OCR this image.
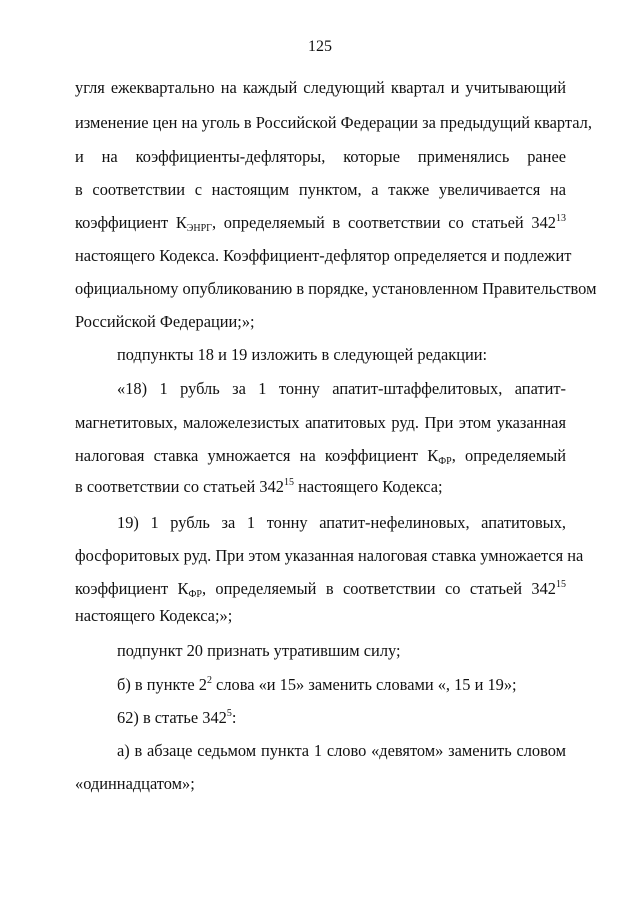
125
угля ежеквартально на каждый следующий квартал и учитывающий
изменение цен на уголь в Российской Федерации за предыдущий квартал,
и на коэффициенты-дефляторы, которые применялись ранее
в соответствии с настоящим пунктом, а также увеличивается на
коэффициент $К_{ЭНРГ}$, определяемый в соответствии со статьей $342^{13}$
настоящего Кодекса. Коэффициент-дефлятор определяется и подлежит
официальному опубликованию в порядке, установленном Правительством
Российской Федерации;»;
подпункты 18 и 19 изложить в следующей редакции:
«18) 1 рубль за 1 тонну апатит-штаффелитовых, апатит-
магнетитовых, маложелезистых апатитовых руд. При этом указанная
налоговая ставка умножается на коэффициент $К_{ФР}$, определяемый
в соответствии со статьей $342^{15}$ настоящего Кодекса;
19) 1 рубль за 1 тонну апатит-нефелиновых, апатитовых,
фосфоритовых руд. При этом указанная налоговая ставка умножается на
коэффициент $К_{ФР}$, определяемый в соответствии со статьей $342^{15}$
настоящего Кодекса;»;
подпункт 20 признать утратившим силу;
б) в пункте $2^2$ слова «и 15» заменить словами «, 15 и 19»;
62) в статье $342^5$:
а) в абзаце седьмом пункта 1 слово «девятом» заменить словом
«одиннадцатом»;
